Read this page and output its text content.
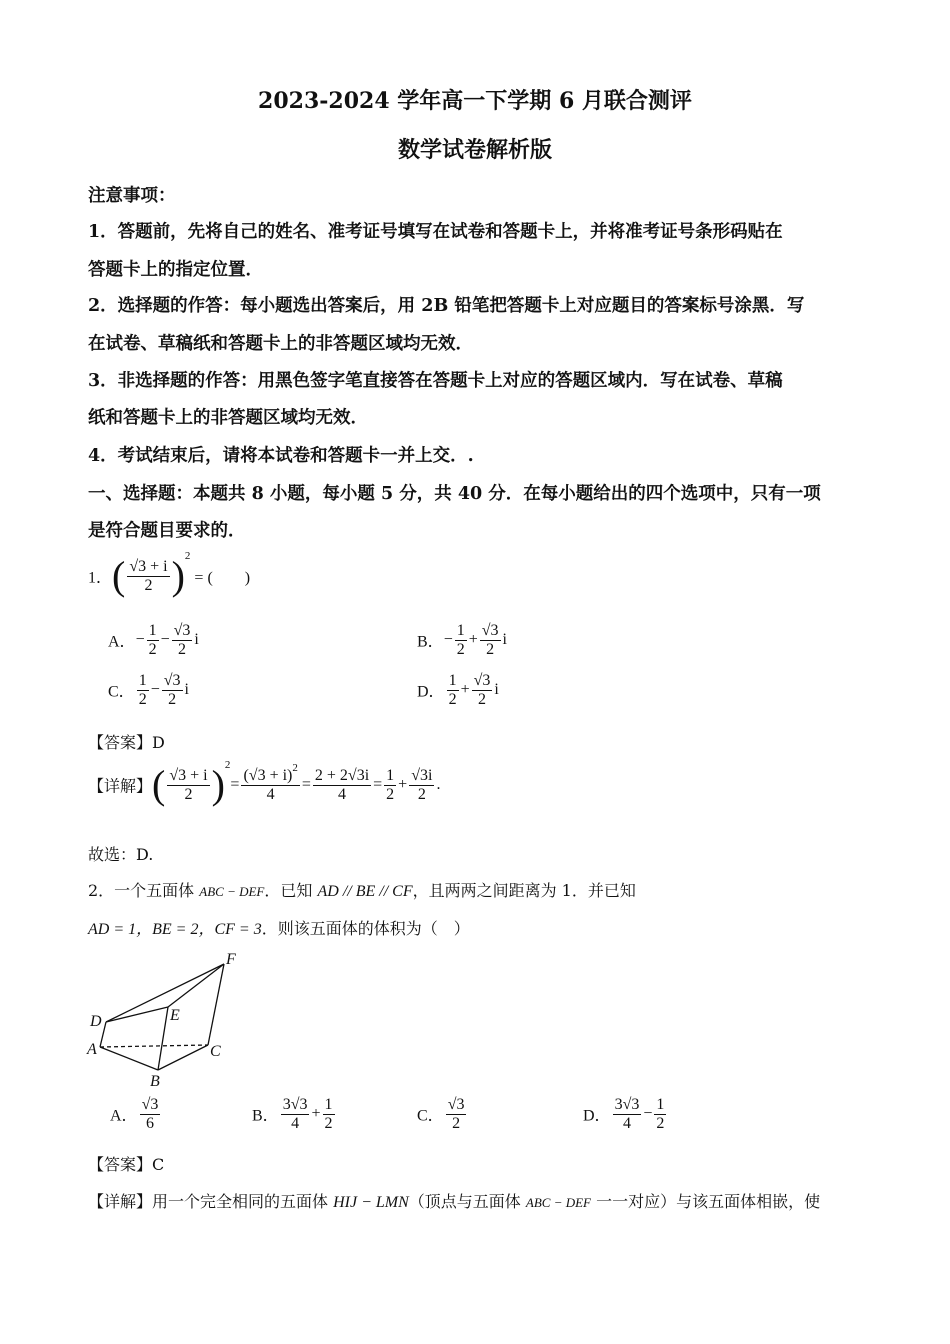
2023-2024 学年高一下学期 6 月联合测评
数学试卷解析版
注意事项：
1．答题前，先将自己的姓名、准考证号填写在试卷和答题卡上，并将准考证号条形码贴在
答题卡上的指定位置．
2．选择题的作答：每小题选出答案后，用 2B 铅笔把答题卡上对应题目的答案标号涂黑．写
在试卷、草稿纸和答题卡上的非答题区域均无效．
3．非选择题的作答：用黑色签字笔直接答在答题卡上对应的答题区域内．写在试卷、草稿
纸和答题卡上的非答题区域均无效．
4．考试结束后，请将本试卷和答题卡一并上交．.
一、选择题：本题共 8 小题，每小题 5 分，共 40 分．在每小题给出的四个选项中，只有一项
是符合题目要求的．
1．( $\frac{√3 + i}{2} )^2$ = (　　)
A．− $\frac{1}{2} - \frac{√3}{2}$ i	B．− $\frac{1}{2} + \frac{√3}{2}$ i
C． $\frac{1}{2} - \frac{√3}{2}$ i	D． $\frac{1}{2} + \frac{√3}{2}$ i
【答案】D
【详解】( $\frac{√3 + i}{2} )^2= \frac{(√3 + i)^2}{4} = \frac{2 + 2√3i}{4} = \frac{1}{2} + \frac{√3i}{2}$ .
故选：D.
2．一个五面体 ABC − DEF．已知 AD // BE // CF，且两两之间距离为 1．并已知
AD = 1，BE = 2，CF = 3．则该五面体的体积为（　）
F
D	E
A	C
B
A． $\frac{√3}{6}$	B． $\frac{3√3}{4} + \frac{1}{2}$	C． $\frac{√3}{2}$	D． $\frac{3√3}{4} - \frac{1}{2}$
【答案】C
【详解】用一个完全相同的五面体 HIJ − LMN（顶点与五面体 ABC − DEF 一一对应）与该五面体相嵌，使
